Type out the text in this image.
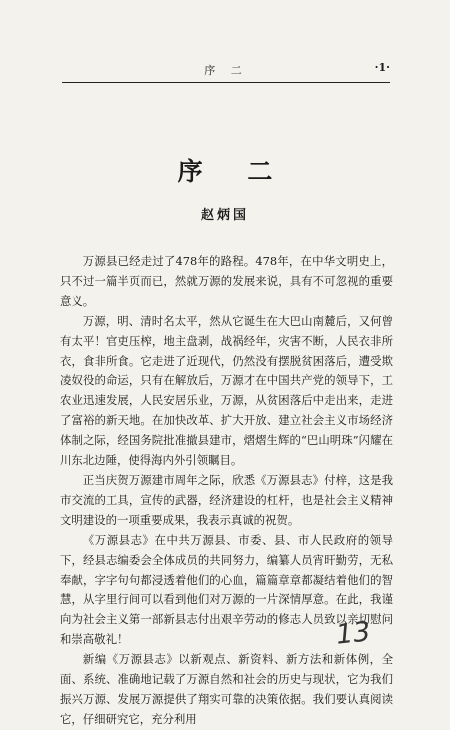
序 二	·1·
序 二
赵炳国

万源县已经走过了478年的路程。478年，在中华文明史上，只不过一篇半页而已，然就万源的发展来说，具有不可忽视的重要意义。

万源，明、清时名太平，然从它诞生在大巴山南麓后，又何曾有太平！官吏压榨，地主盘剥，战祸经年，灾害不断，人民衣非所衣，食非所食。它走进了近现代，仍然没有摆脱贫困落后，遭受欺凌奴役的命运，只有在解放后，万源才在中国共产党的领导下，工农业迅速发展，人民安居乐业，万源，从贫困落后中走出来，走进了富裕的新天地。在加快改革、扩大开放、建立社会主义市场经济体制之际，经国务院批准撤县建市，熠熠生辉的“巴山明珠”闪耀在川东北边陲，使得海内外引领瞩目。

正当庆贺万源建市周年之际，欣悉《万源县志》付梓，这是我市交流的工具，宣传的武器，经济建设的杠杆，也是社会主义精神文明建设的一项重要成果，我表示真诚的祝贺。

《万源县志》在中共万源县、市委、县、市人民政府的领导下，经县志编委会全体成员的共同努力，编纂人员宵旰勤劳，无私奉献，字字句句都浸透着他们的心血，篇篇章章都凝结着他们的智慧，从字里行间可以看到他们对万源的一片深情厚意。在此，我谨向为社会主义第一部新县志付出艰辛劳动的修志人员致以亲切慰问和崇高敬礼！

新编《万源县志》以新观点、新资料、新方法和新体例，全面、系统、准确地记载了万源自然和社会的历史与现状，它为我们振兴万源、发展万源提供了翔实可靠的决策依据。我们要认真阅读它，仔细研究它，充分利用

13
